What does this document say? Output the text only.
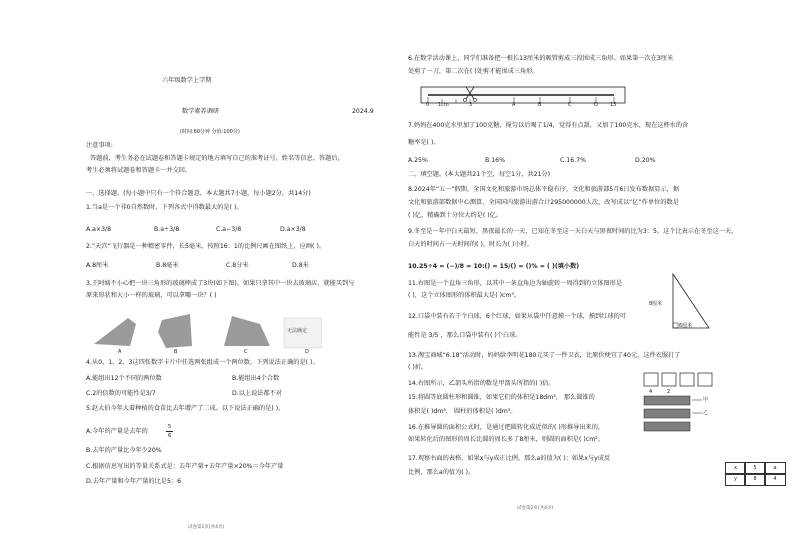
六年级数学上学期
数学素养调研	2024.9
(时间:60分钟 分值:100分)
注意事项:
答题前，考生务必在试题卷和答题卡规定的地方填写自己的准考证号、姓名等信息。答题后，
考生必须将试题卷和答题卡一并交回。
一、选择题。(每小题中只有一个符合题意。本大题共7小题，每小题2分，共14分)
1.当a是一个非0自然数时，下列各式中得数最大的是( )。
A.a×3/8	B.a÷3/8	C.a−3/8	D.a×3/8
2.“天宫”飞行器是一种精密零件，长5毫米，按照16：1的比例尺画在图纸上，应画( )。
A.8厘米	B.8毫米	C.8分米	D.8米
3.王阿姨不小心把一块三角形的玻璃摔成了3块(如下图)。如果只拿其中一块去玻璃店，就能买到与
原来形状和大小一样的玻璃，可以拿哪一块？( )
无法确定
A	B	C	D
4.从0、1、2、3这四张数字卡片中任选两张组成一个两位数，下列说法正确的是( )。
A.能组出12个不同的两位数	B.能组出4个合数
C.2的倍数的可能性是3/7	D.以上说法都不对
5.赵大伯今年大着种植的食苗比去年增产了二成。以下说法正确的是( )。
A.今年的产量是去年的
5
6
B.去年的产量比今年少20%
C.根据信息写出的等量关系式是：去年产量+去年产量×20%＝今年产量
D.去年产量和今年产量的比是5：6
试卷第1页(共4页)
6.在数学活动课上，同学们准备把一根长13厘米的吸管剪成三段围成三角形。如果第一次在3厘米
处剪了一刀，第二次在( )处剪才能围成三角形。
0 1cm	3	A	B	C	D 13
7.妈妈在400克水里加了100克糖，搅匀以后喝了1/4，觉得有点甜，又加了100克水，现在这杯水的含
糖率是( )。
A.25%	B.16%	C.16.7%	D.20%
二、填空题。(本大题共21个空，每空1分，共21分)
8.2024年“五一”假期，全国文化和旅游市场总体平稳有序，文化和旅游部5月6日发布数据显示，据
文化和旅游部数据中心测算，全国国内旅游出游合计295000000人次，改写成以“亿”作单位的数是
( )亿，精确到十分位大约是( )亿。
9.冬至是一年中白天最短、黑夜最长的一天，已知在冬至这一天白天与黑夜时间的比为3：5。这个比表示在冬至这一天，
白天的时间占一天时间的( )，时长为( )小时。
10.25÷4 = (−)/8 = 10:() = 15/() = ()% = ( )(填小数)
11.右图是一个直角三角形，以其中一条直角边为轴旋转一周得到的立体图形是
( )，这个立体图形的体积最大是( )cm³。
8厘米
6厘米
12.口袋中装有若干个白球，6个红球，如果从袋中任意摸一个球，摸到红球的可
能性是 3/5 ，那么口袋中装有( )个白球。
13.淘宝商城“6.18”活动时，妈妈给李明花180元买了一件卫衣，比原价便宜了40元，这件衣服打了
( )折。
14.右图所示，乙箭头所指的数是甲箭头所指的( )倍。
4	2
甲
乙
15.将圆等底圆柱形和圆锥，如果它们的体积是18dm³， 那么圆锥的
体积是( )dm³， 圆柱的体积是( )dm³。
16.在推导圆的面积公式时，是通过把圆转化成近似的( )形推导出来的，
如果转化后的图形的周长比圆的周长多了8厘米，则圆的面积是( )cm²。
17.观察右面的表格，如果x与y成正比例，那么a的值为( )；如果x与y成反
比例，那么a的值为( )。
x	5	a
y	8	4
试卷第2页(共4页)
